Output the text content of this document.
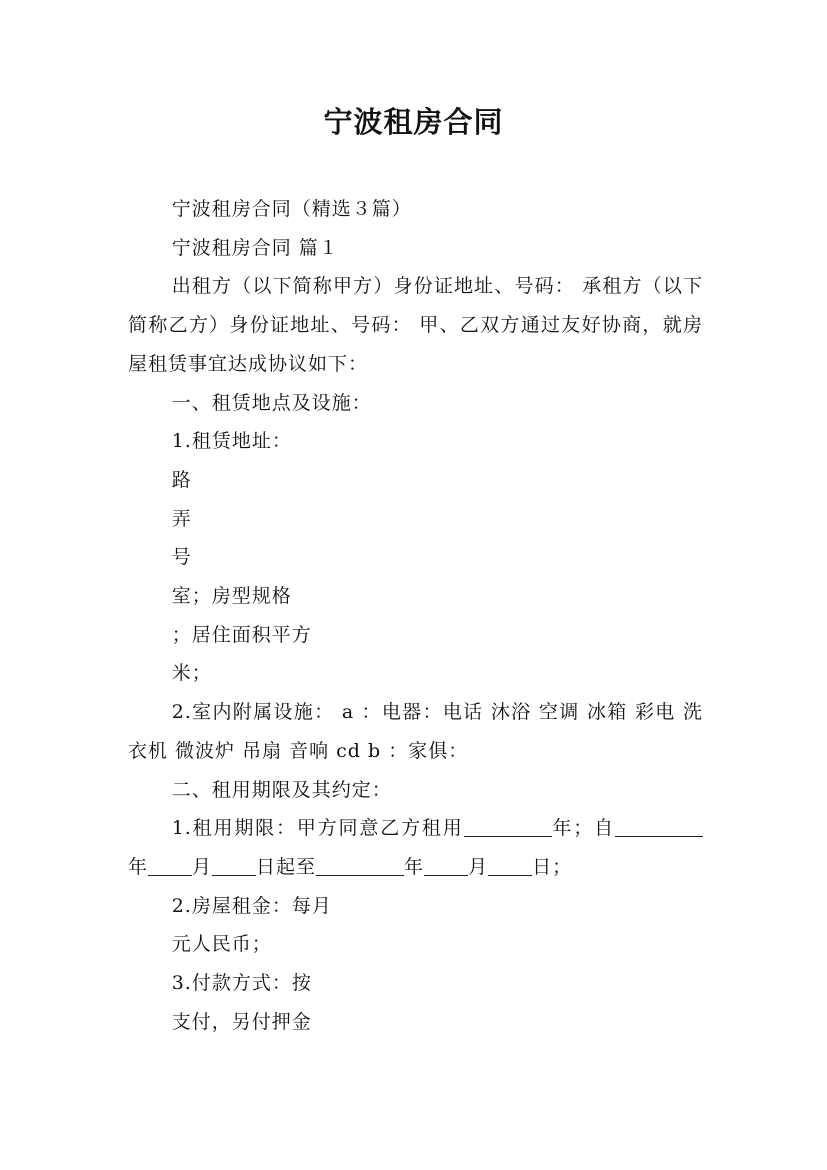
宁波租房合同

宁波租房合同（精选３篇）

宁波租房合同 篇１

出租方（以下简称甲方）身份证地址、号码： 承租方（以下简称乙方）身份证地址、号码： 甲、乙双方通过友好协商，就房屋租赁事宜达成协议如下：

一、租赁地点及设施：

1.租赁地址：

路

弄

号

室；房型规格

；居住面积平方

米；

2.室内附属设施： a ：电器：电话 沐浴 空调 冰箱 彩电 洗衣机 微波炉 吊扇 音响 cd b ：家俱：

二、租用期限及其约定：

1.租用期限：甲方同意乙方租用	年；自年 月 日起至	年 月 日；

2.房屋租金：每月

元人民币；

3.付款方式：按

支付，另付押金
